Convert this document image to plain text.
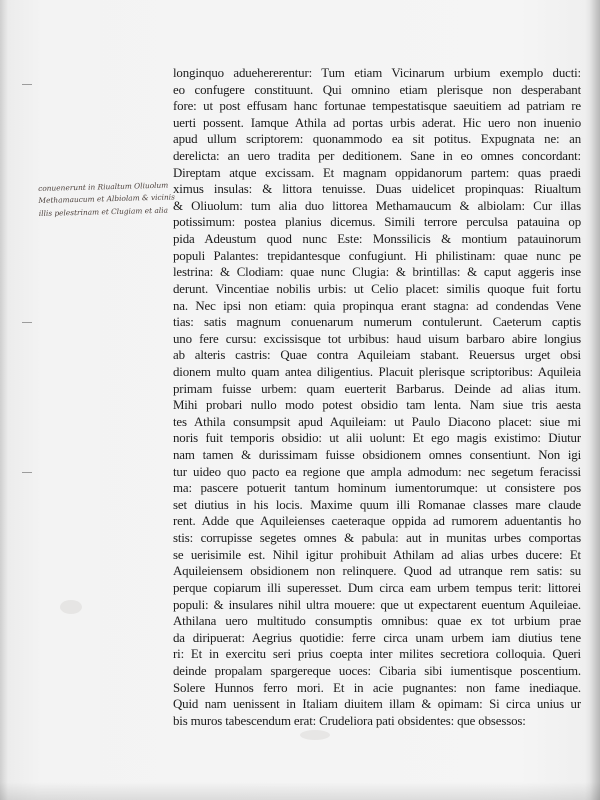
conuenerunt in Riualtum Oliuolum
Methamaucum et Albiolam & vicinis
illis pelestrinam et Clugiam et alia
longinquo aduehererentur: Tum etiam Vicinarum urbium exemplo ducti:
eo confugere constituunt. Qui omnino etiam plerisque non desperabant
fore: ut post effusam hanc fortunae tempestatisque saeuitiem ad patriam re
uerti possent. Iamque Athila ad portas urbis aderat. Hic uero non inuenio
apud ullum scriptorem: quonammodo ea sit potitus. Expugnata ne: an
derelicta: an uero tradita per deditionem. Sane in eo omnes concordant:
Direptam atque excissam. Et magnam oppidanorum partem: quas praedi
ximus insulas: & littora tenuisse. Duas uidelicet propinquas: Riualtum
& Oliuolum: tum alia duo littorea Methamaucum & albiolam: Cur illas
potissimum: postea planius dicemus. Simili terrore perculsa patauina op
pida Adeustum quod nunc Este: Monssilicis & montium patauinorum
populi Palantes: trepidantesque confugiunt. Hi philistinam: quae nunc pe
lestrina: & Clodiam: quae nunc Clugia: & brintillas: & caput aggeris inse
derunt. Vincentiae nobilis urbis: ut Celio placet: similis quoque fuit fortu
na. Nec ipsi non etiam: quia propinqua erant stagna: ad condendas Vene
tias: satis magnum conuenarum numerum contulerunt. Caeterum captis
uno fere cursu: excissisque tot urbibus: haud uisum barbaro abire longius
ab alteris castris: Quae contra Aquileiam stabant. Reuersus urget obsi
dionem multo quam antea diligentius. Placuit plerisque scriptoribus: Aquileia
primam fuisse urbem: quam euerterit Barbarus. Deinde ad alias itum.
Mihi probari nullo modo potest obsidio tam lenta. Nam siue tris aesta
tes Athila consumpsit apud Aquileiam: ut Paulo Diacono placet: siue mi
noris fuit temporis obsidio: ut alii uolunt: Et ego magis existimo: Diutur
nam tamen & durissimam fuisse obsidionem omnes consentiunt. Non igi
tur uideo quo pacto ea regione que ampla admodum: nec segetum feracissi
ma: pascere potuerit tantum hominum iumentorumque: ut consistere pos
set diutius in his locis. Maxime quum illi Romanae classes mare claude
rent. Adde que Aquileienses caeteraque oppida ad rumorem aduentantis ho
stis: corrupisse segetes omnes & pabula: aut in munitas urbes comportas
se uerisimile est. Nihil igitur prohibuit Athilam ad alias urbes ducere: Et
Aquileiensem obsidionem non relinquere. Quod ad utranque rem satis: su
perque copiarum illi superesset. Dum circa eam urbem tempus terit: littorei
populi: & insulares nihil ultra mouere: que ut expectarent euentum Aquileiae.
Athilana uero multitudo consumptis omnibus: quae ex tot urbium prae
da diripuerat: Aegrius quotidie: ferre circa unam urbem iam diutius tene
ri: Et in exercitu seri prius coepta inter milites secretiora colloquia. Queri
deinde propalam spargereque uoces: Cibaria sibi iumentisque poscentium.
Solere Hunnos ferro mori. Et in acie pugnantes: non fame inediaque.
Quid nam uenissent in Italiam diuitem illam & opimam: Si circa unius ur
bis muros tabescendum erat: Crudeliora pati obsidentes: que obsessos:
